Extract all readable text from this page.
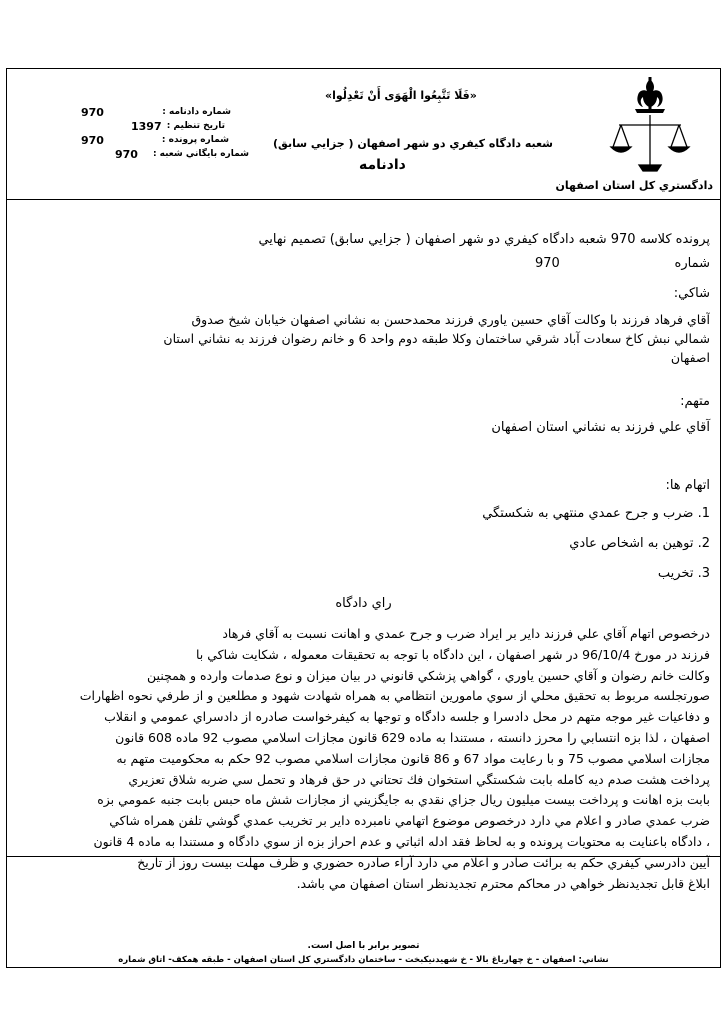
«فَلَا تَتَّبِعُوا الْهَوَى أَنْ تَعْدِلُوا»
شماره دادنامه :
970
تاريخ تنظيم :
1397
شماره پرونده :
970
شماره بايگاني شعبه :
970
شعبه دادگاه كيفري دو شهر اصفهان ( جزايي سابق)
دادنامه
دادگستري كل استان اصفهان
پرونده كلاسه 970 شعبه دادگاه كيفري دو شهر اصفهان ( جزايي سابق) تصميم نهايي
شماره
970
شاكي:
آقاي فرهاد فرزند با وكالت آقاي حسين ياوري فرزند محمدحسن به نشاني اصفهان خيابان شيخ صدوق
شمالي نبش كاخ سعادت آباد شرقي ساختمان وكلا طبقه دوم واحد 6 و خانم رضوان فرزند به نشاني استان
اصفهان
متهم:
آقاي علي فرزند به نشاني استان اصفهان
اتهام ها:
1. ضرب و جرح عمدي منتهي به شكستگي
2. توهين به اشخاص عادي
3. تخريب
راي دادگاه
درخصوص اتهام آقاي علي فرزند داير بر ايراد ضرب و جرح عمدي و اهانت نسبت به آقاي فرهاد
فرزند در مورخ 96/10/4 در شهر اصفهان ، اين دادگاه با توجه به تحقيقات معموله ، شكايت شاكي با
وكالت خانم رضوان و آقاي حسين ياوري ، گواهي پزشكي قانوني در بيان ميزان و نوع صدمات وارده و همچنين
صورتجلسه مربوط به تحقيق محلي از سوي مامورين انتظامي به همراه شهادت شهود و مطلعين و از طرفي نحوه اظهارات
و دفاعيات غير موجه متهم در محل دادسرا و جلسه دادگاه و توجها به كيفرخواست صادره از دادسراي عمومي و انقلاب
اصفهان ، لذا بزه انتسابي را محرز دانسته ، مستندا به ماده 629 قانون مجازات اسلامي مصوب 92 ماده 608 قانون
مجازات اسلامي مصوب 75 و با رعايت مواد 67 و 86 قانون مجازات اسلامي مصوب 92 حكم به محكوميت متهم به
پرداخت هشت صدم ديه كامله بابت شكستگي استخوان فك تحتاني در حق فرهاد و تحمل سي ضربه شلاق تعزيري
بابت بزه اهانت و پرداخت بيست ميليون ريال جزاي نقدي به جايگزيني از مجازات شش ماه حبس بابت جنبه عمومي بزه
ضرب عمدي صادر و اعلام مي دارد درخصوص موضوع اتهامي نامبرده داير بر تخريب عمدي گوشي تلفن همراه شاكي
، دادگاه باعنايت به محتويات پرونده و به لحاظ فقد ادله اثباتي و عدم احراز بزه از سوي دادگاه و مستندا به ماده 4 قانون
آيين دادرسي كيفري حكم به برائت صادر و اعلام مي دارد آراء صادره حضوري و ظرف مهلت بيست روز از تاريخ
ابلاغ قابل تجديدنظر خواهي در محاكم محترم تجديدنظر استان اصفهان مي باشد.
تصوير برابر با اصل است.
نشاني: اصفهان - خ چهارباغ بالا - خ شهيدنيكبخت - ساختمان دادگستري كل استان اصفهان - طبقه همكف- اتاق شماره
